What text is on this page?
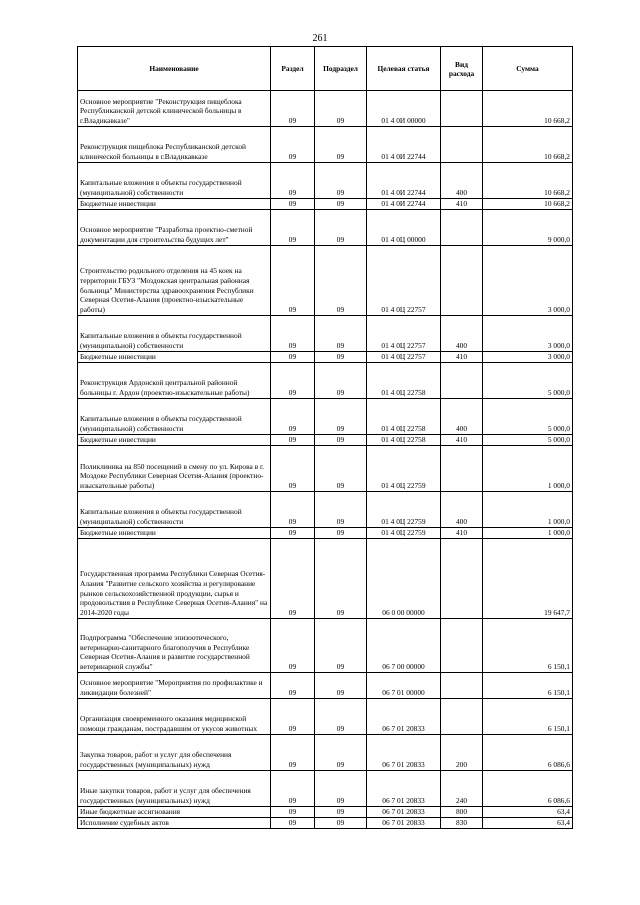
261
Наименование	Раздел	Подраздел	Целевая статья	Вид расхода	Сумма
Основное мероприятие "Реконструкция пищеблока Республиканской детской клинической больницы в г.Владикавказе"	09	09	01 4 0И 00000		10 668,2
Реконструкция пищеблока Республиканской детской клинической больницы в г.Владикавказе	09	09	01 4 0И 22744		10 668,2
Капитальные вложения в объекты государственной (муниципальной) собственности	09	09	01 4 0И 22744	400	10 668,2
Бюджетные инвестиции	09	09	01 4 0И 22744	410	10 668,2
Основное мероприятие "Разработка проектно-сметной документации для строительства будущих лет"	09	09	01 4 0Ц 00000		9 000,0
Строительство родильного отделения на 45 коек на территории ГБУЗ "Моздокская центральная районная больница" Министерства здравоохранения Республики Северная Осетия-Алания (проектно-изыскательные работы)	09	09	01 4 0Ц 22757		3 000,0
Капитальные вложения в объекты государственной (муниципальной) собственности	09	09	01 4 0Ц 22757	400	3 000,0
Бюджетные инвестиции	09	09	01 4 0Ц 22757	410	3 000,0
Реконструкция Ардонской центральной районной больницы г. Ардон (проектно-изыскательные работы)	09	09	01 4 0Ц 22758		5 000,0
Капитальные вложения в объекты государственной (муниципальной) собственности	09	09	01 4 0Ц 22758	400	5 000,0
Бюджетные инвестиции	09	09	01 4 0Ц 22758	410	5 000,0
Поликлиника на 850 посещений в смену по ул. Кирова в г. Моздоке Республики Северная Осетия-Алания (проектно-изыскательные работы)	09	09	01 4 0Ц 22759		1 000,0
Капитальные вложения в объекты государственной (муниципальной) собственности	09	09	01 4 0Ц 22759	400	1 000,0
Бюджетные инвестиции	09	09	01 4 0Ц 22759	410	1 000,0
Государственная программа Республики Северная Осетия-Алания "Развитие сельского хозяйства и регулирование рынков сельскохозяйственной продукции, сырья и продовольствия в Республике Северная Осетия-Алания" на 2014-2020 годы	09	09	06 0 00 00000		19 647,7
Подпрограмма "Обеспечение эпизоотического, ветеринарно-санитарного благополучия в Республике Северная Осетия-Алания и развитие государственной ветеринарной службы"	09	09	06 7 00 00000		6 150,1
Основное мероприятие "Мероприятия по профилактике и ликвидации болезней"	09	09	06 7 01 00000		6 150,1
Организация своевременного оказания медицинской помощи гражданам, пострадавшим от укусов животных	09	09	06 7 01 20833		6 150,1
Закупка товаров, работ и услуг для обеспечения государственных (муниципальных) нужд	09	09	06 7 01 20833	200	6 086,6
Иные закупки товаров, работ и услуг для обеспечения государственных (муниципальных) нужд	09	09	06 7 01 20833	240	6 086,6
Иные бюджетные ассигнования	09	09	06 7 01 20833	800	63,4
Исполнение судебных актов	09	09	06 7 01 20833	830	63,4
